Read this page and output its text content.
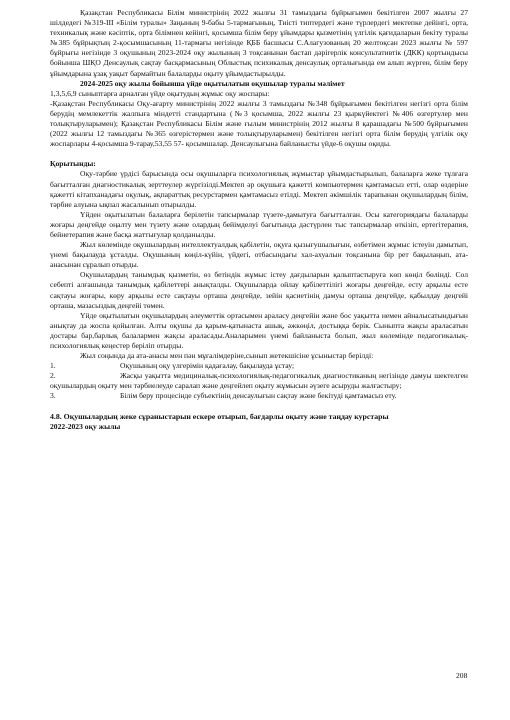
Қазақстан Республикасы Білім министрінің 2022 жылғы 31 тамыздағы бұйрығымен бекітілген 2007 жылғы 27 шілдедегі №319-III «Білім туралы» Заңының 9-бабы 5-тармағының, Тиісті типтердегі және түрлердегі мектепке дейінгі, орта, техникалық және кәсіптік, орта білімнен кейінгі, қосымша білім беру ұйымдары қызметінің үлгілік қағидаларын бекіту туралы №385 бұйрықтың 2-қосымшасының 11-тармағы негізінде ҚББ басшысы С.Алагузованың 20 желтоқсан 2023 жылғы № 597 бұйрығы негізінде 3 оқушының 2023-2024 оқу жылының 3 тоқсанынан бастап дәрігерлік консультативтік (ДКК) қортындысы бойынша ШҚО Денсаулық сақтау басқармасының Облыстық психикалық денсаулық орталығында ем алып жүрген, білім беру ұйымдарына ұзақ уақыт бармайтын балаларды оқыту ұйымдастырылды.

2024-2025 оқу жылы бойынша үйде оқытылатын оқушылар туралы мәлімет

1,3,5,6,9 сыныптарға арналған үйде оқытудың жұмыс оқу жоспары:

-Қазақстан Республикасы Оқу-ағарту министрінің 2022 жылғы 3 тамыздағы №348 бұйрығымен бекітілген негізгі орта білім берудің мемлекеттік жалпыға міндетті стандартына (№3 қосымша, 2022 жылғы 23 қыркүйектегі №406 өзгертулер мен толықтыруларымен); Қазақстан Республикасы Білім және ғылым министрінің 2012 жылғы 8 қарашадағы №500 бұйрығымен (2022 жылғы 12 тамыздағы №365 өзгерістермен және толықтыруларымен) бекітілген негізгі орта білім берудің үлгілік оқу жоспарлары 4-қосымша 9-тарау,53,55 57- қосымшалар. Денсаулығына байланысты үйде-6 оқушы оқиды.

Қорытынды:

Оқу-тәрбие үрдісі барысында осы оқушыларға психологиялық жұмыстар ұйымдастырылып, балаларға жеке тұлғаға бағытталған диагностикалық зерттеулер жүргізілді.Мектеп әр оқушыға қажетті компьютермен қамтамасыз етті, олар өздеріне қажетті кітапханадағы оқулық, ақпараттық ресурстармен қамтамасыз етілді. Мектеп әкімшілік тарапынан оқушылардың білім, тәрбие алуына ықпал жасалынып отырылды.

Үйден оқытылатын балаларға берілетін тапсырмалар түзете-дамытуға бағытталған. Осы категориядағы балаларды жоғары деңгейде оңалту мен түзету және олардың бейімделуі бағытында дәстүрлен тыс тапсырмалар өткізіп, ертегітерапия, бейнетерапия және басқа жаттығулар қолданылды.

Жыл көлемінде оқушылардың интеллектуалдық қабілетін, оқуға қызығушылығын, өзбетімен жұмыс істеуін дамытып, үнемі бақылауда ұсталды. Оқушының көңіл-күйін, үйдегі, отбасындағы хал-ахуалын тоқсанына бір рет бақылаңып, ата-анасынан сұралып отырды.

Оқушылардың танымдық қызметін, өз бетіндік жұмыс істеу дағдыларын қалыптастыруға көп көңіл бөлінді. Сол себепті алғашында танымдық қабілеттері анықталды. Оқушыларда ойлау қабілеттілігі жоғары деңгейде, есту арқылы есте сақтауы жоғары, көру арқылы есте сақтауы орташа деңгейде, зейін қасиетінің дамуы орташа деңгейде, қабылдау деңгейі орташа, мазасыздық деңгейі төмен.

Үйде оқытылатын оқушылардың әлеуметтік ортасымен араласу деңгейін және бос уақытта немен айналысатындығын анықтау да жоспа қойылған. Алты оқушы да қарым-қатынаста ашық, әжкөңіл, достыққа берік. Сыныпта жақсы араласатын достары бар,барлық балалармен жақсы араласады.Аналарымен үнемі байланыста болып, жыл көлемінде педагогикалық-психологиялық кеңестер беріліп отырды.

Жыл соңында да ата-анасы мен пән мұғалімдеріне,сынып жетекшісіне ұсыныстар берілді:

1.	Оқушының оқу үлгерімін қадағалау, бақылауда ұстау;

2.	Жасқы уақытта медициналық-психологиялық-педагогикалық диагностиканың негізінде дамуы шектелген оқушылардың оқыту мен тәрбиелеуде саралап және деңгейлеп оқыту жұмысын әүзеге асыруды жалғастыру;

3.	Білім беру процесінде субъектінің денсаулығын сақтау және бекітуді қамтамасыз ету.

4.8. Оқушылардың жеке сұраныстарын ескере отырып, бағдарлы оқыту және таңдау курстары

2022-2023 оқу жылы

208
